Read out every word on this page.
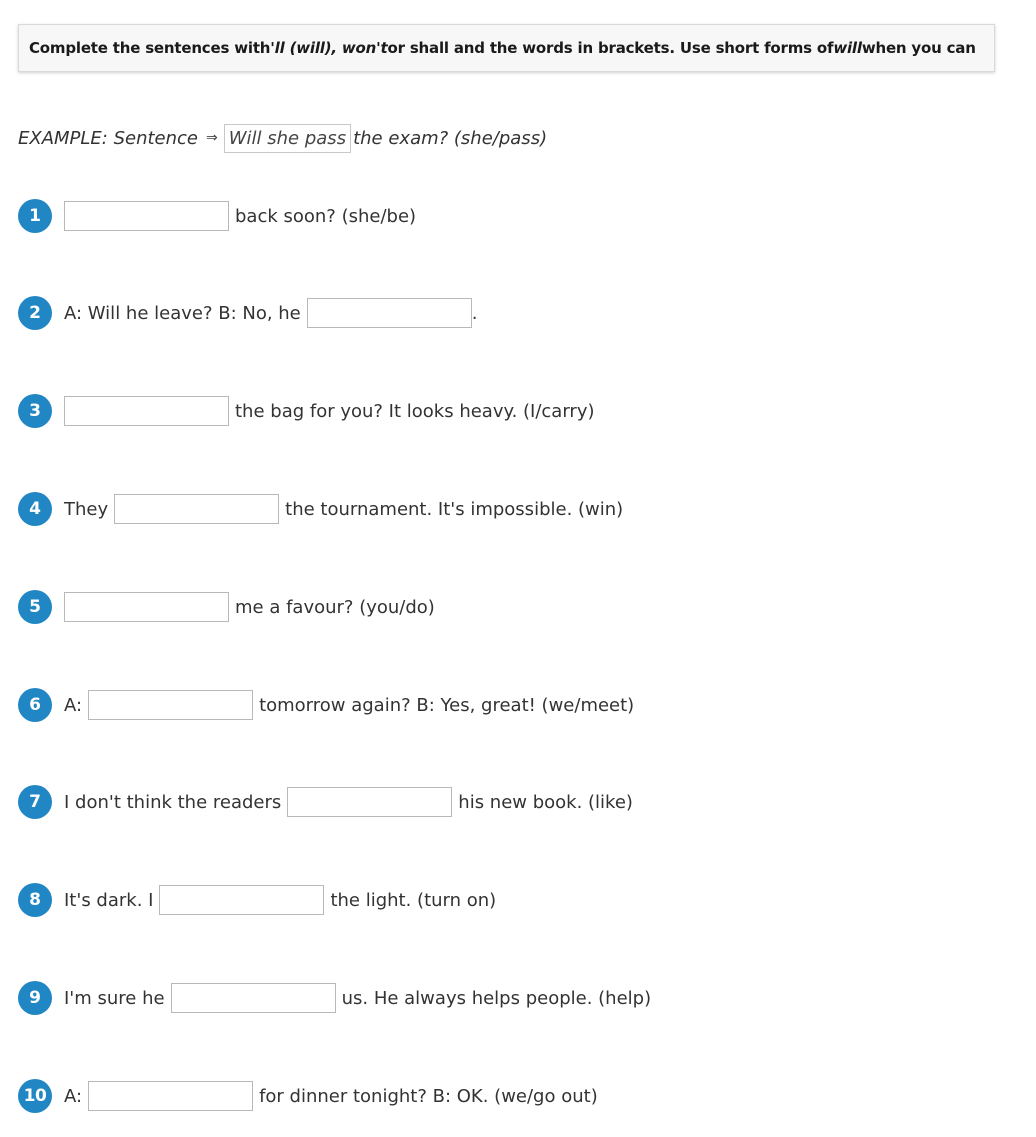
Complete the sentences with 'll (will), won't or shall and the words in brackets. Use short forms of will when you can
EXAMPLE: Sentence ⇒ Will she pass the exam? (she/pass)
1	back soon? (she/be)
2	A: Will he leave? B: No, he	.
3	the bag for you? It looks heavy. (I/carry)
4	They	the tournament. It's impossible. (win)
5	me a favour? (you/do)
6	A:	tomorrow again? B: Yes, great! (we/meet)
7	I don't think the readers	his new book. (like)
8	It's dark. I	the light. (turn on)
9	I'm sure he	us. He always helps people. (help)
10 A:	for dinner tonight? B: OK. (we/go out)
